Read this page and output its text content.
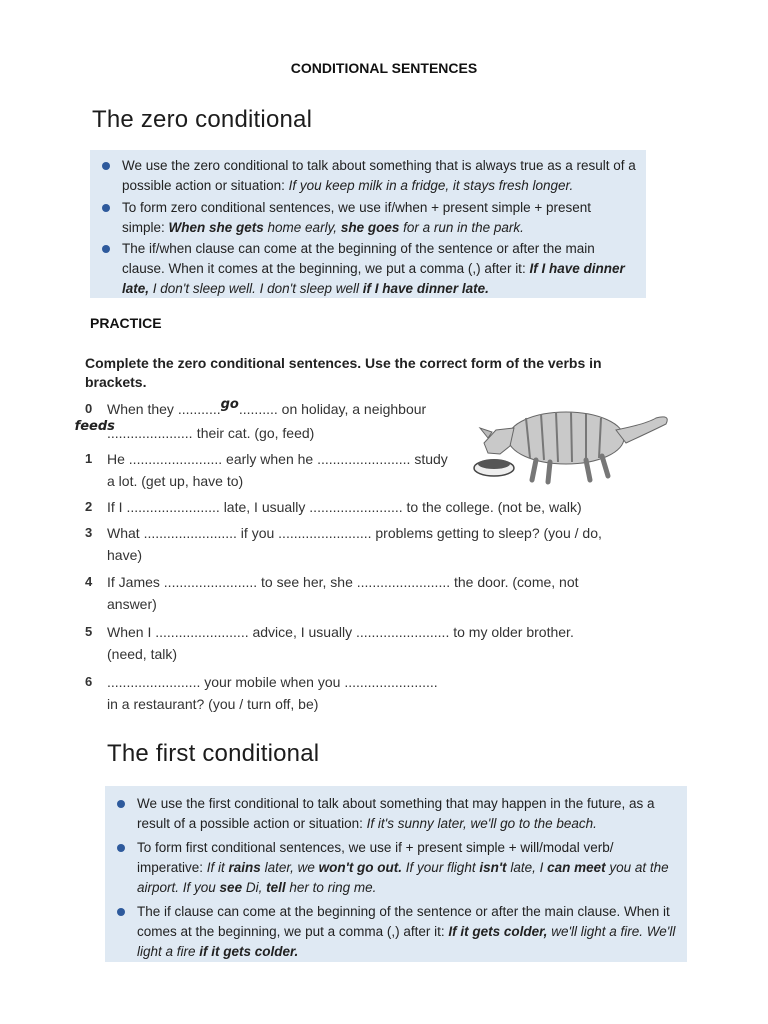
CONDITIONAL SENTENCES
The zero conditional
We use the zero conditional to talk about something that is always true as a result of a possible action or situation: If you keep milk in a fridge, it stays fresh longer.
To form zero conditional sentences, we use if/when + present simple + present simple: When she gets home early, she goes for a run in the park.
The if/when clause can come at the beginning of the sentence or after the main clause. When it comes at the beginning, we put a comma (,) after it: If I have dinner late, I don't sleep well. I don't sleep well if I have dinner late.
PRACTICE
Complete the zero conditional sentences. Use the correct form of the verbs in brackets.
0 When they ...........go.......... on holiday, a neighbour
......................feeds	their cat. (go, feed)
1 He ........................ early when he ........................ study
a lot. (get up, have to)
2 If I ........................ late, I usually ........................ to the college. (not be, walk)
3 What ........................ if you ........................ problems getting to sleep? (you / do,
have)
4 If James ........................ to see her, she ........................ the door. (come, not
answer)
5 When I ........................ advice, I usually ........................ to my older brother.
(need, talk)
6 ........................ your mobile when you ........................
in a restaurant? (you / turn off, be)
The first conditional
We use the first conditional to talk about something that may happen in the future, as a result of a possible action or situation: If it's sunny later, we'll go to the beach.
To form first conditional sentences, we use if + present simple + will/modal verb/ imperative: If it rains later, we won't go out. If your flight isn't late, I can meet you at the airport. If you see Di, tell her to ring me.
The if clause can come at the beginning of the sentence or after the main clause. When it comes at the beginning, we put a comma (,) after it: If it gets colder, we'll light a fire. We'll light a fire if it gets colder.
